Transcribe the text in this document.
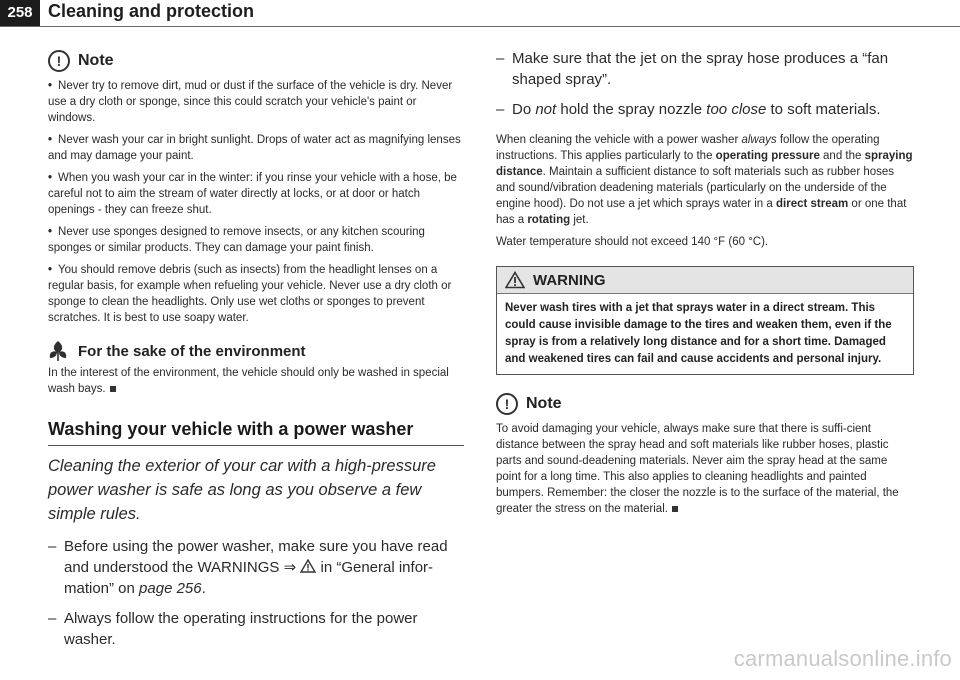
258 Cleaning and protection
!	Note

• Never try to remove dirt, mud or dust if the surface of the vehicle is dry. Never use a dry cloth or sponge, since this could scratch your vehicle's paint or windows.

• Never wash your car in bright sunlight. Drops of water act as magnifying lenses and may damage your paint.

• When you wash your car in the winter: if you rinse your vehicle with a hose, be careful not to aim the stream of water directly at locks, or at door or hatch openings - they can freeze shut.

• Never use sponges designed to remove insects, or any kitchen scouring sponges or similar products. They can damage your paint finish.

• You should remove debris (such as insects) from the headlight lenses on a regular basis, for example when refueling your vehicle. Never use a dry cloth or sponge to clean the headlights. Only use wet cloths or sponges to prevent scratches. It is best to use soapy water.

For the sake of the environment

In the interest of the environment, the vehicle should only be washed in special wash bays.

Washing your vehicle with a power washer

Cleaning the exterior of your car with a high-pressure power washer is safe as long as you observe a few simple rules.

– Before using the power washer, make sure you have read and understood the WARNINGS ⇒  in “General infor-mation” on page 256.
– Always follow the operating instructions for the power washer.
– Make sure that the jet on the spray hose produces a “fan shaped spray”.
– Do not hold the spray nozzle too close to soft materials.

When cleaning the vehicle with a power washer always follow the operating instructions. This applies particularly to the operating pressure and the spraying distance. Maintain a sufficient distance to soft materials such as rubber hoses and sound/vibration deadening materials (particularly on the underside of the engine hood). Do not use a jet which sprays water in a direct stream or one that has a rotating jet.

Water temperature should not exceed 140 °F (60 °C).

WARNING
Never wash tires with a jet that sprays water in a direct stream. This could cause invisible damage to the tires and weaken them, even if the spray is from a relatively long distance and for a short time. Damaged and weakened tires can fail and cause accidents and personal injury.
!	Note

To avoid damaging your vehicle, always make sure that there is suffi-cient distance between the spray head and soft materials like rubber hoses, plastic parts and sound-deadening materials. Never aim the spray head at the same point for a long time. This also applies to cleaning headlights and painted bumpers. Remember: the closer the nozzle is to the surface of the material, the greater the stress on the material.

carmanualsonline.info
